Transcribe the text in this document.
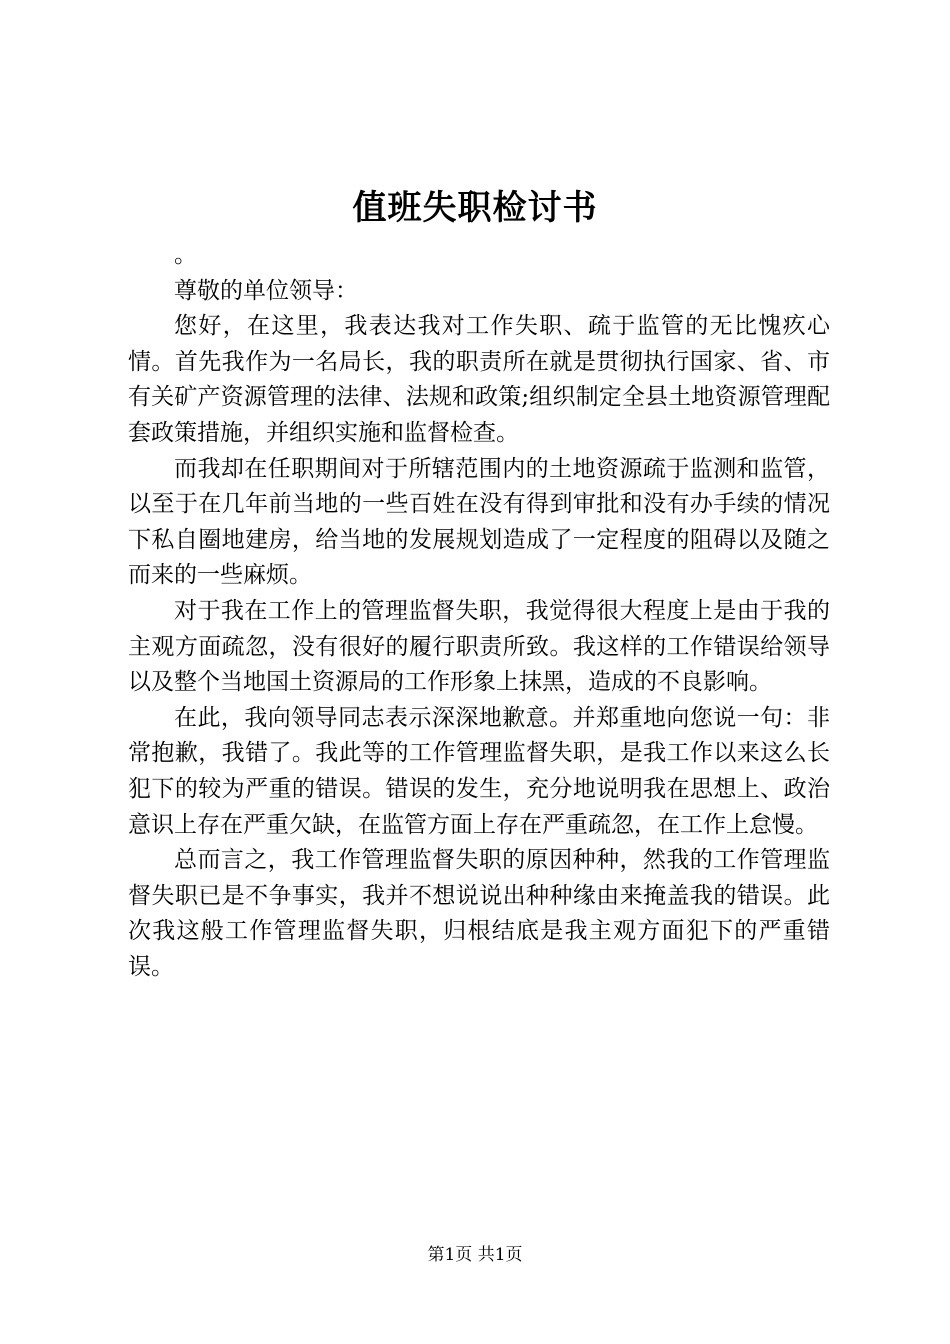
值班失职检讨书

。

尊敬的单位领导：

您好，在这里，我表达我对工作失职、疏于监管的无比愧疚心情。首先我作为一名局长，我的职责所在就是贯彻执行国家、省、市有关矿产资源管理的法律、法规和政策;组织制定全县土地资源管理配套政策措施，并组织实施和监督检查。

而我却在任职期间对于所辖范围内的土地资源疏于监测和监管，以至于在几年前当地的一些百姓在没有得到审批和没有办手续的情况下私自圈地建房，给当地的发展规划造成了一定程度的阻碍以及随之而来的一些麻烦。

对于我在工作上的管理监督失职，我觉得很大程度上是由于我的主观方面疏忽，没有很好的履行职责所致。我这样的工作错误给领导以及整个当地国土资源局的工作形象上抹黑，造成的不良影响。

在此，我向领导同志表示深深地歉意。并郑重地向您说一句：非常抱歉，我错了。我此等的工作管理监督失职，是我工作以来这么长犯下的较为严重的错误。错误的发生，充分地说明我在思想上、政治意识上存在严重欠缺，在监管方面上存在严重疏忽，在工作上怠慢。

总而言之，我工作管理监督失职的原因种种，然我的工作管理监督失职已是不争事实，我并不想说说出种种缘由来掩盖我的错误。此次我这般工作管理监督失职，归根结底是我主观方面犯下的严重错误。

第1页 共1页
